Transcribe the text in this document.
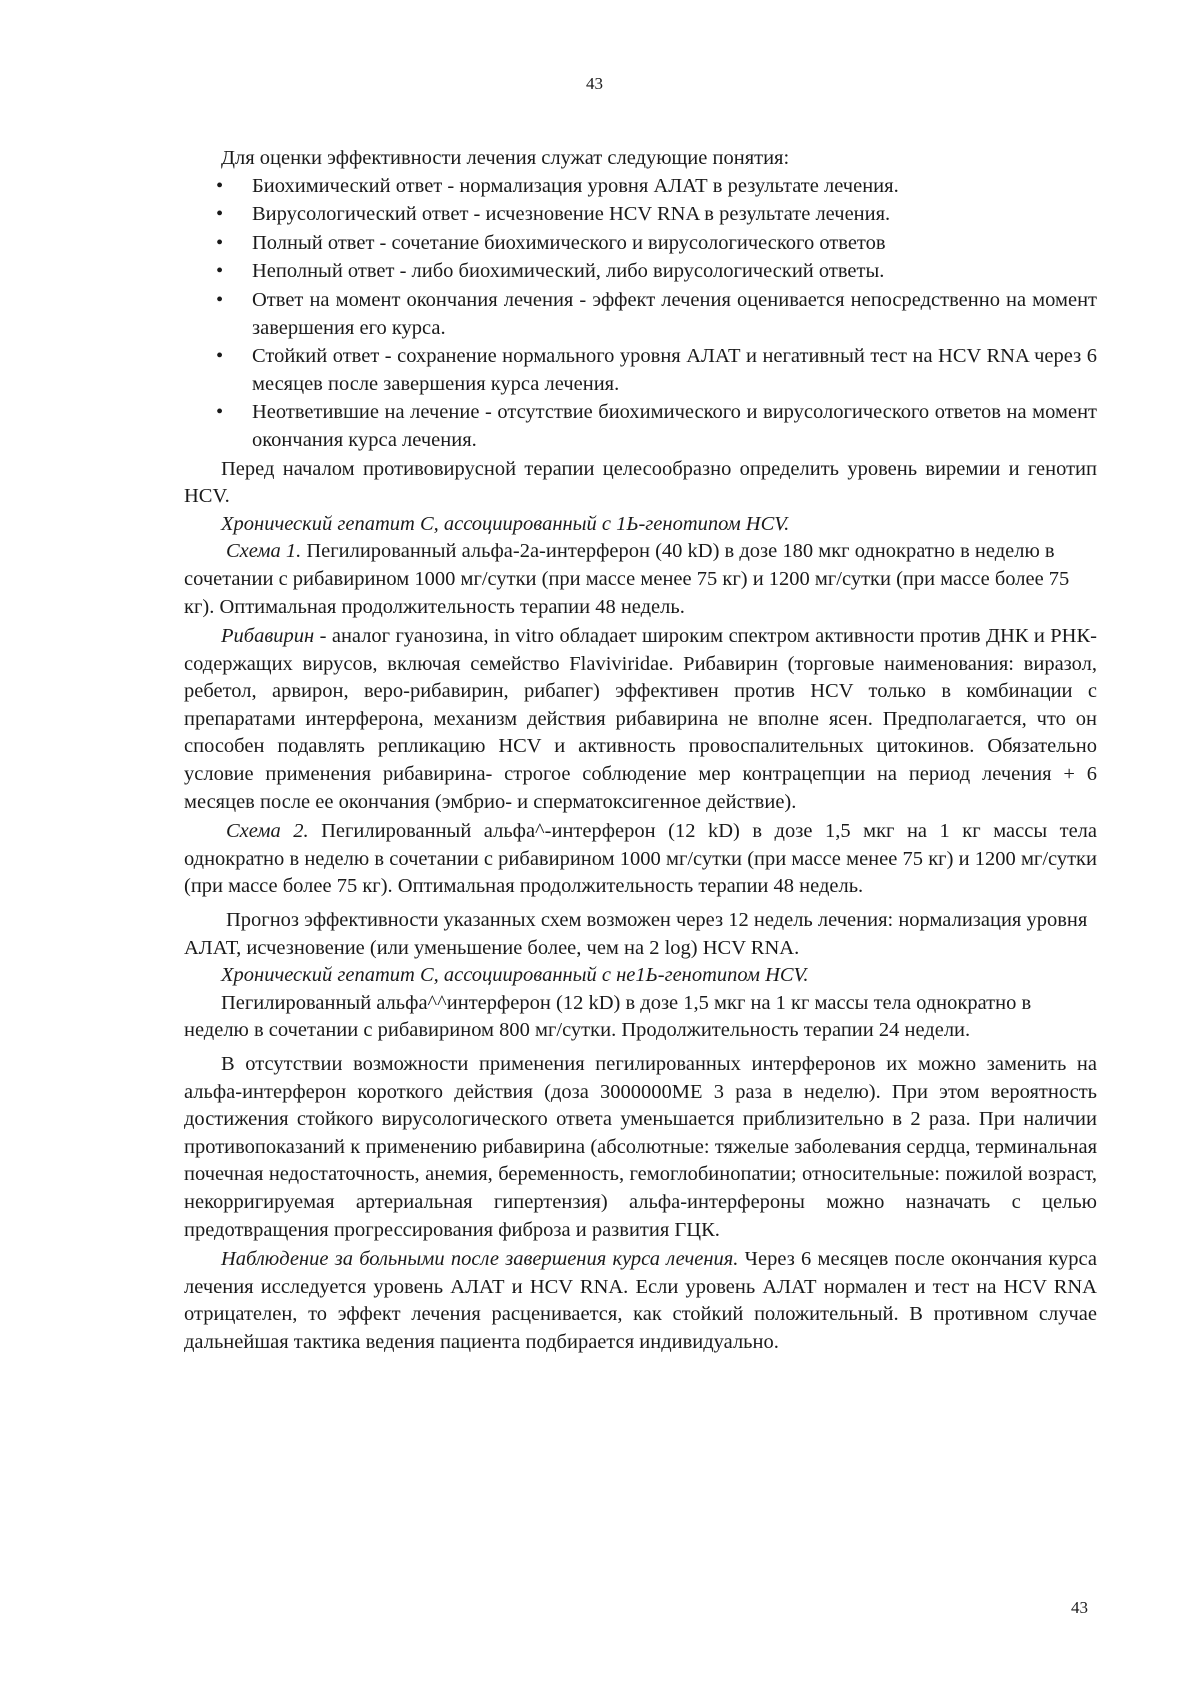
43

Для оценки эффективности лечения служат следующие понятия:

• Биохимический ответ - нормализация уровня АЛАТ в результате лечения.
• Вирусологический ответ - исчезновение HCV RNA в результате лечения.
• Полный ответ - сочетание биохимического и вирусологического ответов
• Неполный ответ - либо биохимический, либо вирусологический ответы.
• Ответ на момент окончания лечения - эффект лечения оценивается непосредственно на момент завершения его курса.
• Стойкий ответ - сохранение нормального уровня АЛАТ и негативный тест на HCV RNA через 6 месяцев после завершения курса лечения.
• Неответившие на лечение - отсутствие биохимического и вирусологического ответов на момент окончания курса лечения.

Перед началом противовирусной терапии целесообразно определить уровень виремии и генотип HCV.

Хронический гепатит С, ассоциированный с 1Ь-генотипом HCV.

Схема 1. Пегилированный альфа-2а-интерферон (40 kD) в дозе 180 мкг однократно в неделю в сочетании с рибавирином 1000 мг/сутки (при массе менее 75 кг) и 1200 мг/сутки (при массе более 75 кг). Оптимальная продолжительность терапии 48 недель.

Рибавирин - аналог гуанозина, in vitro обладает широким спектром активности против ДНК и РНК-содержащих вирусов, включая семейство Flaviviridae. Рибавирин (торговые наименования: виразол, ребетол, арвирон, веро-рибавирин, рибапег) эффективен против HCV только в комбинации с препаратами интерферона, механизм действия рибавирина не вполне ясен. Предполагается, что он способен подавлять репликацию HCV и активность провоспалительных цитокинов. Обязательно условие применения рибавирина- строгое соблюдение мер контрацепции на период лечения + 6 месяцев после ее окончания (эмбрио- и сперматоксигенное действие).

Схема 2. Пегилированный альфа^-интерферон (12 kD) в дозе 1,5 мкг на 1 кг массы тела однократно в неделю в сочетании с рибавирином 1000 мг/сутки (при массе менее 75 кг) и 1200 мг/сутки (при массе более 75 кг). Оптимальная продолжительность терапии 48 недель.

Прогноз эффективности указанных схем возможен через 12 недель лечения: нормализация уровня АЛАТ, исчезновение (или уменьшение более, чем на 2 log) HCV RNA.

Хронический гепатит С, ассоциированный с не1Ь-генотипом HCV.

Пегилированный альфа^^интерферон (12 kD) в дозе 1,5 мкг на 1 кг массы тела однократно в неделю в сочетании с рибавирином 800 мг/сутки. Продолжительность терапии 24 недели.

В отсутствии возможности применения пегилированных интерферонов их можно заменить на альфа-интерферон короткого действия (доза 3000000МЕ 3 раза в неделю). При этом вероятность достижения стойкого вирусологического ответа уменьшается приблизительно в 2 раза. При наличии противопоказаний к применению рибавирина (абсолютные: тяжелые заболевания сердца, терминальная почечная недостаточность, анемия, беременность, гемоглобинопатии; относительные: пожилой возраст, некорригируемая артериальная гипертензия) альфа-интерфероны можно назначать с целью предотвращения прогрессирования фиброза и развития ГЦК.

Наблюдение за больными после завершения курса лечения. Через 6 месяцев после окончания курса лечения исследуется уровень АЛАТ и HCV RNA. Если уровень АЛАТ нормален и тест на HCV RNA отрицателен, то эффект лечения расценивается, как стойкий положительный. В противном случае дальнейшая тактика ведения пациента подбирается индивидуально.

43
